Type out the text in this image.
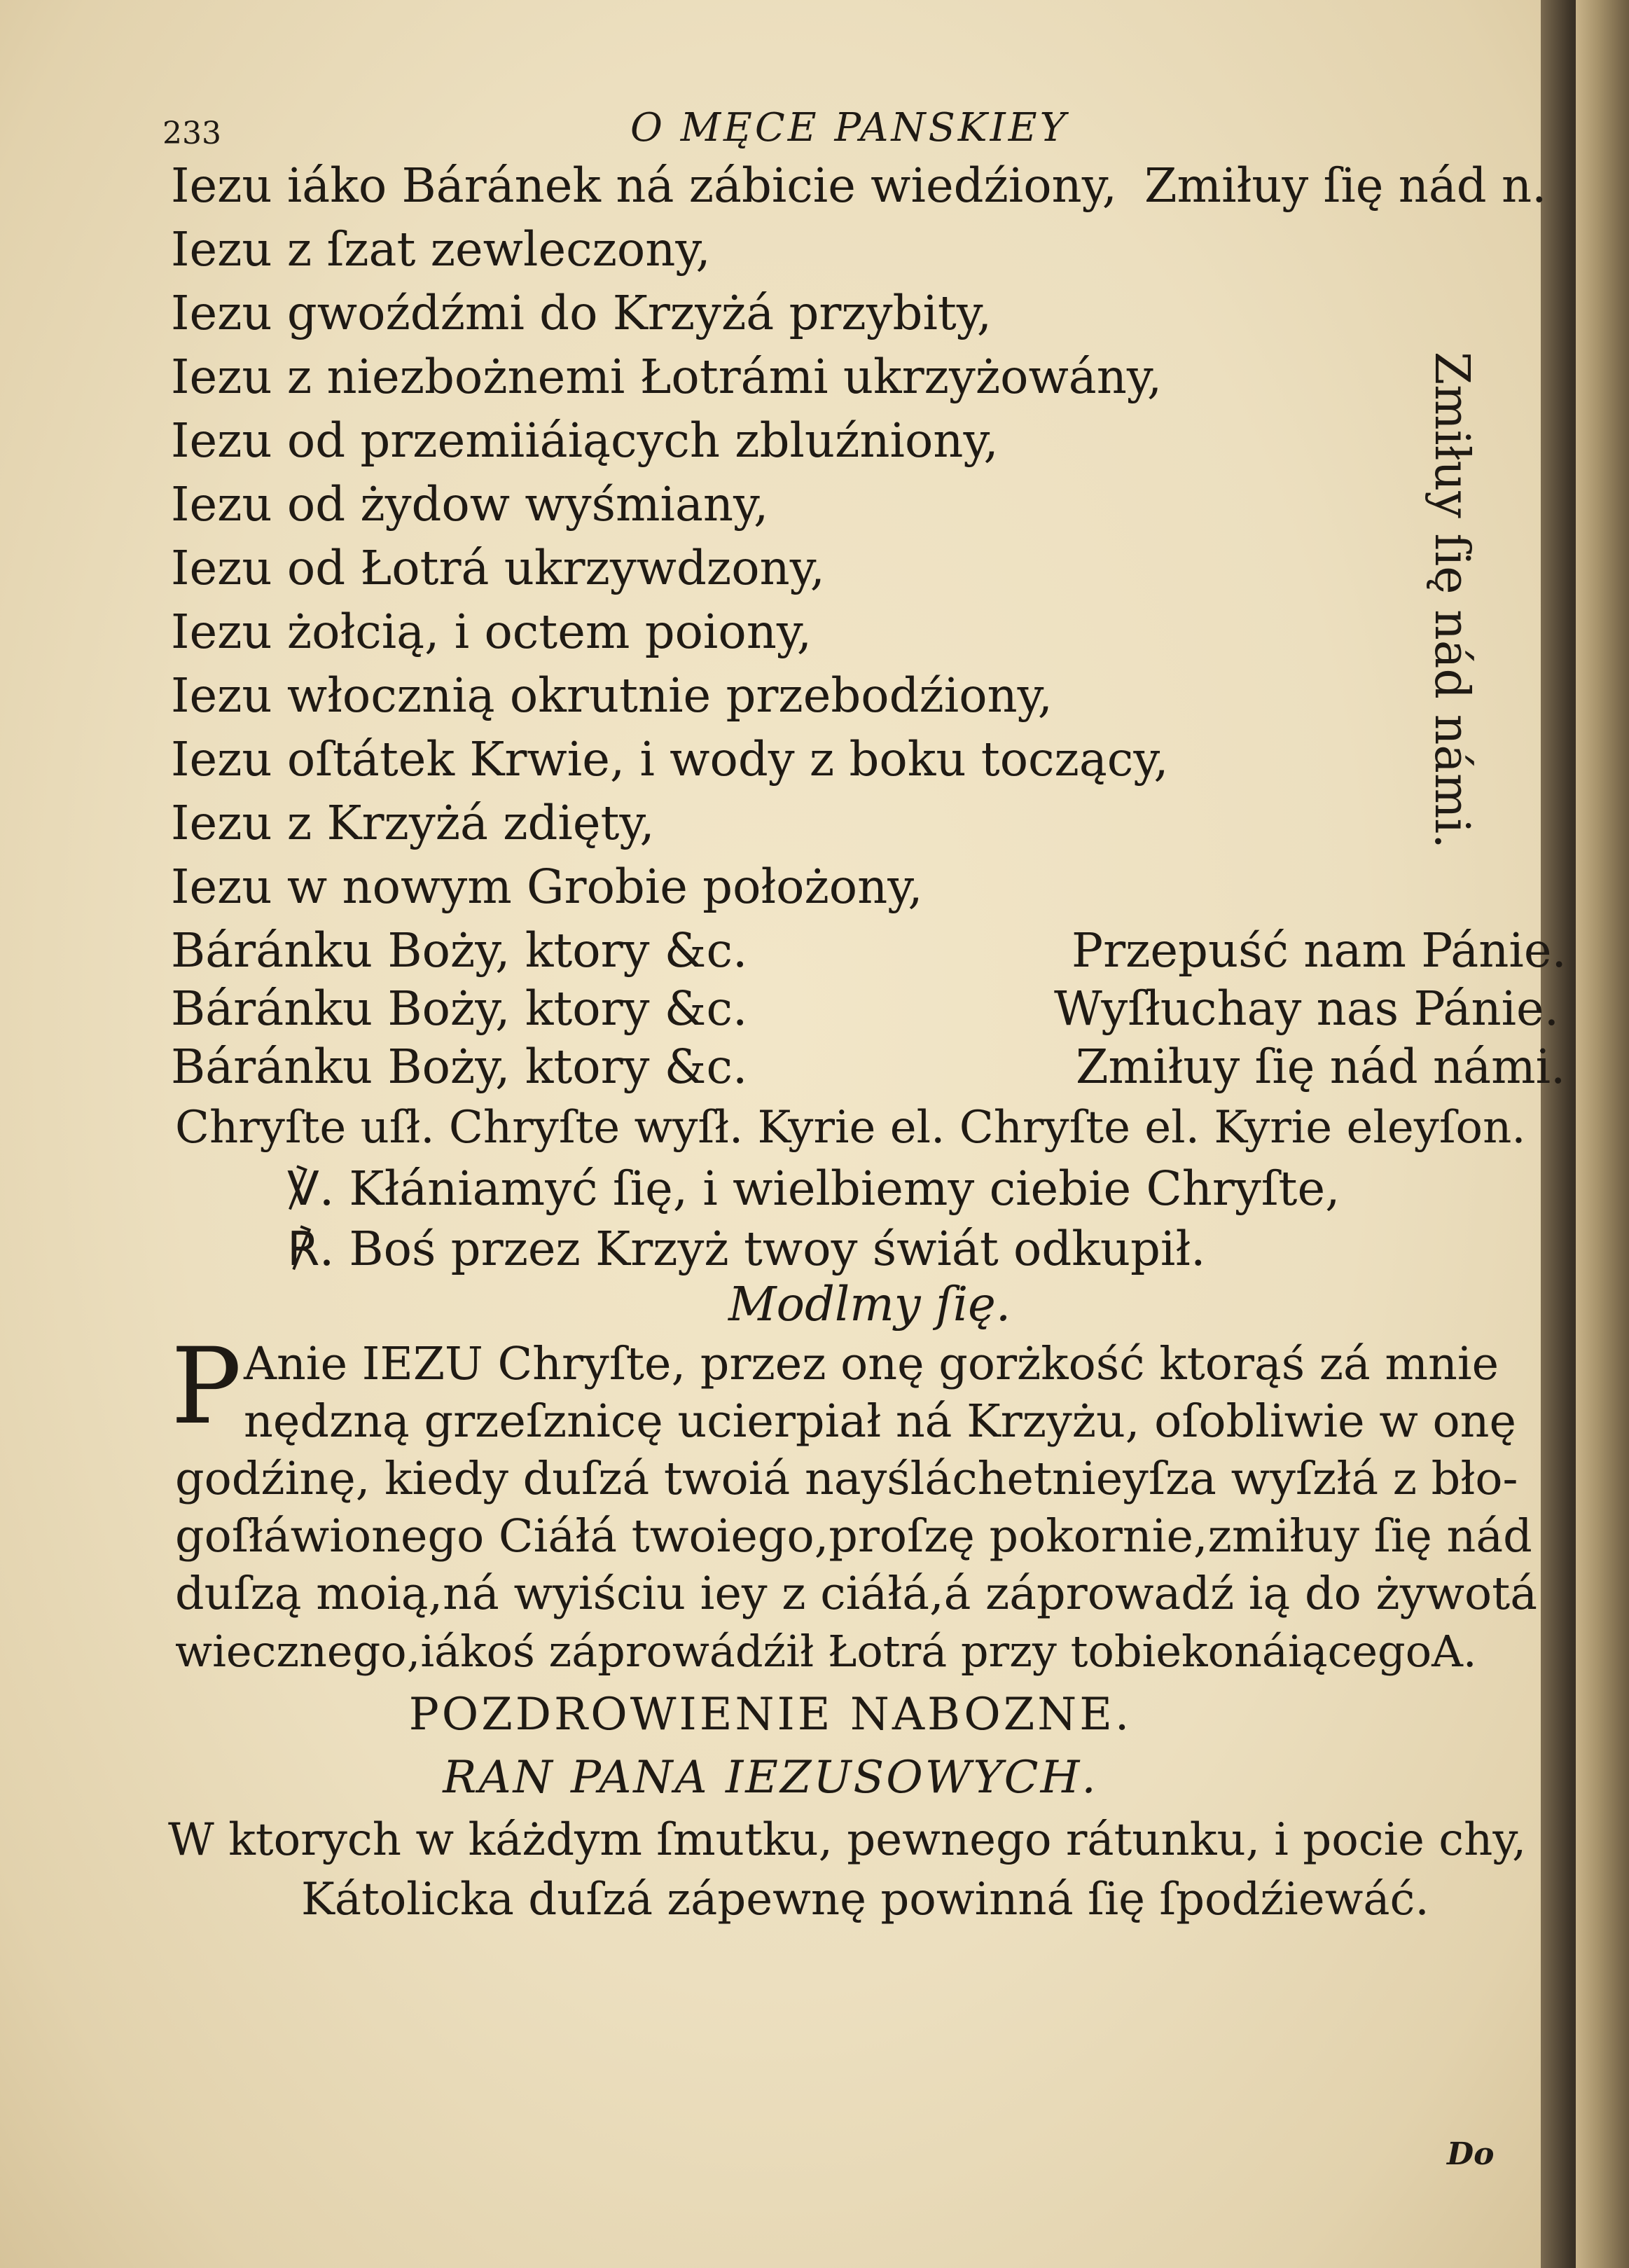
233	O MĘCE PANSKIEY
Iezu iáko Báránek ná zábicie wiedźiony, Zmiłuy ſię nád n.
Iezu z ſzat zewleczony,
Iezu gwoźdźmi do Krzyżá przybity,
Iezu z niezbożnemi Łotrámi ukrzyżowány,
Iezu od przemiiáiących zbluźniony,
Iezu od żydow wyśmiany,
Iezu od Łotrá ukrzywdzony,
Iezu żołcią, i octem poiony,
Iezu włocznią okrutnie przebodźiony,
Iezu oſtátek Krwie, i wody z boku toczący,
Iezu z Krzyżá zdięty,
Iezu w nowym Grobie położony,
Zmiłuy ſię nád námi.
Báránku Boży, ktory &c.	Przepuść nam Pánie.
Báránku Boży, ktory &c.	Wyſłuchay nas Pánie.
Báránku Boży, ktory &c.	Zmiłuy ſię nád námi.
Chryſte uſł. Chryſte wyſł. Kyrie el. Chryſte el. Kyrie eleyſon.
℣. Kłániamyć ſię, i wielbiemy ciebie Chryſte,
℟. Boś przez Krzyż twoy świát odkupił.
Modlmy ſię.
P Anie IEZU Chryſte, przez onę gorżkość ktorąś zá mnie
nędzną grzeſznicę ucierpiał ná Krzyżu, oſobliwie w onę
godźinę, kiedy duſzá twoiá nayśláchetnieyſza wyſzłá z bło-
goſłáwionego Ciáłá twoiego,proſzę pokornie,zmiłuy ſię nád
duſzą moią,ná wyiściu iey z ciáłá,á záprowadź ią do żywotá
wiecznego,iákoś záprowádźił Łotrá przy tobiekonáiącegoA.
POZDROWIENIE NABOZNE.
RAN PANA IEZUSOWYCH.
W ktorych w káżdym ſmutku, pewnego rátunku, i pocie chy,
Kátolicka duſzá zápewnę powinná ſię ſpodźiewáć.
Do
